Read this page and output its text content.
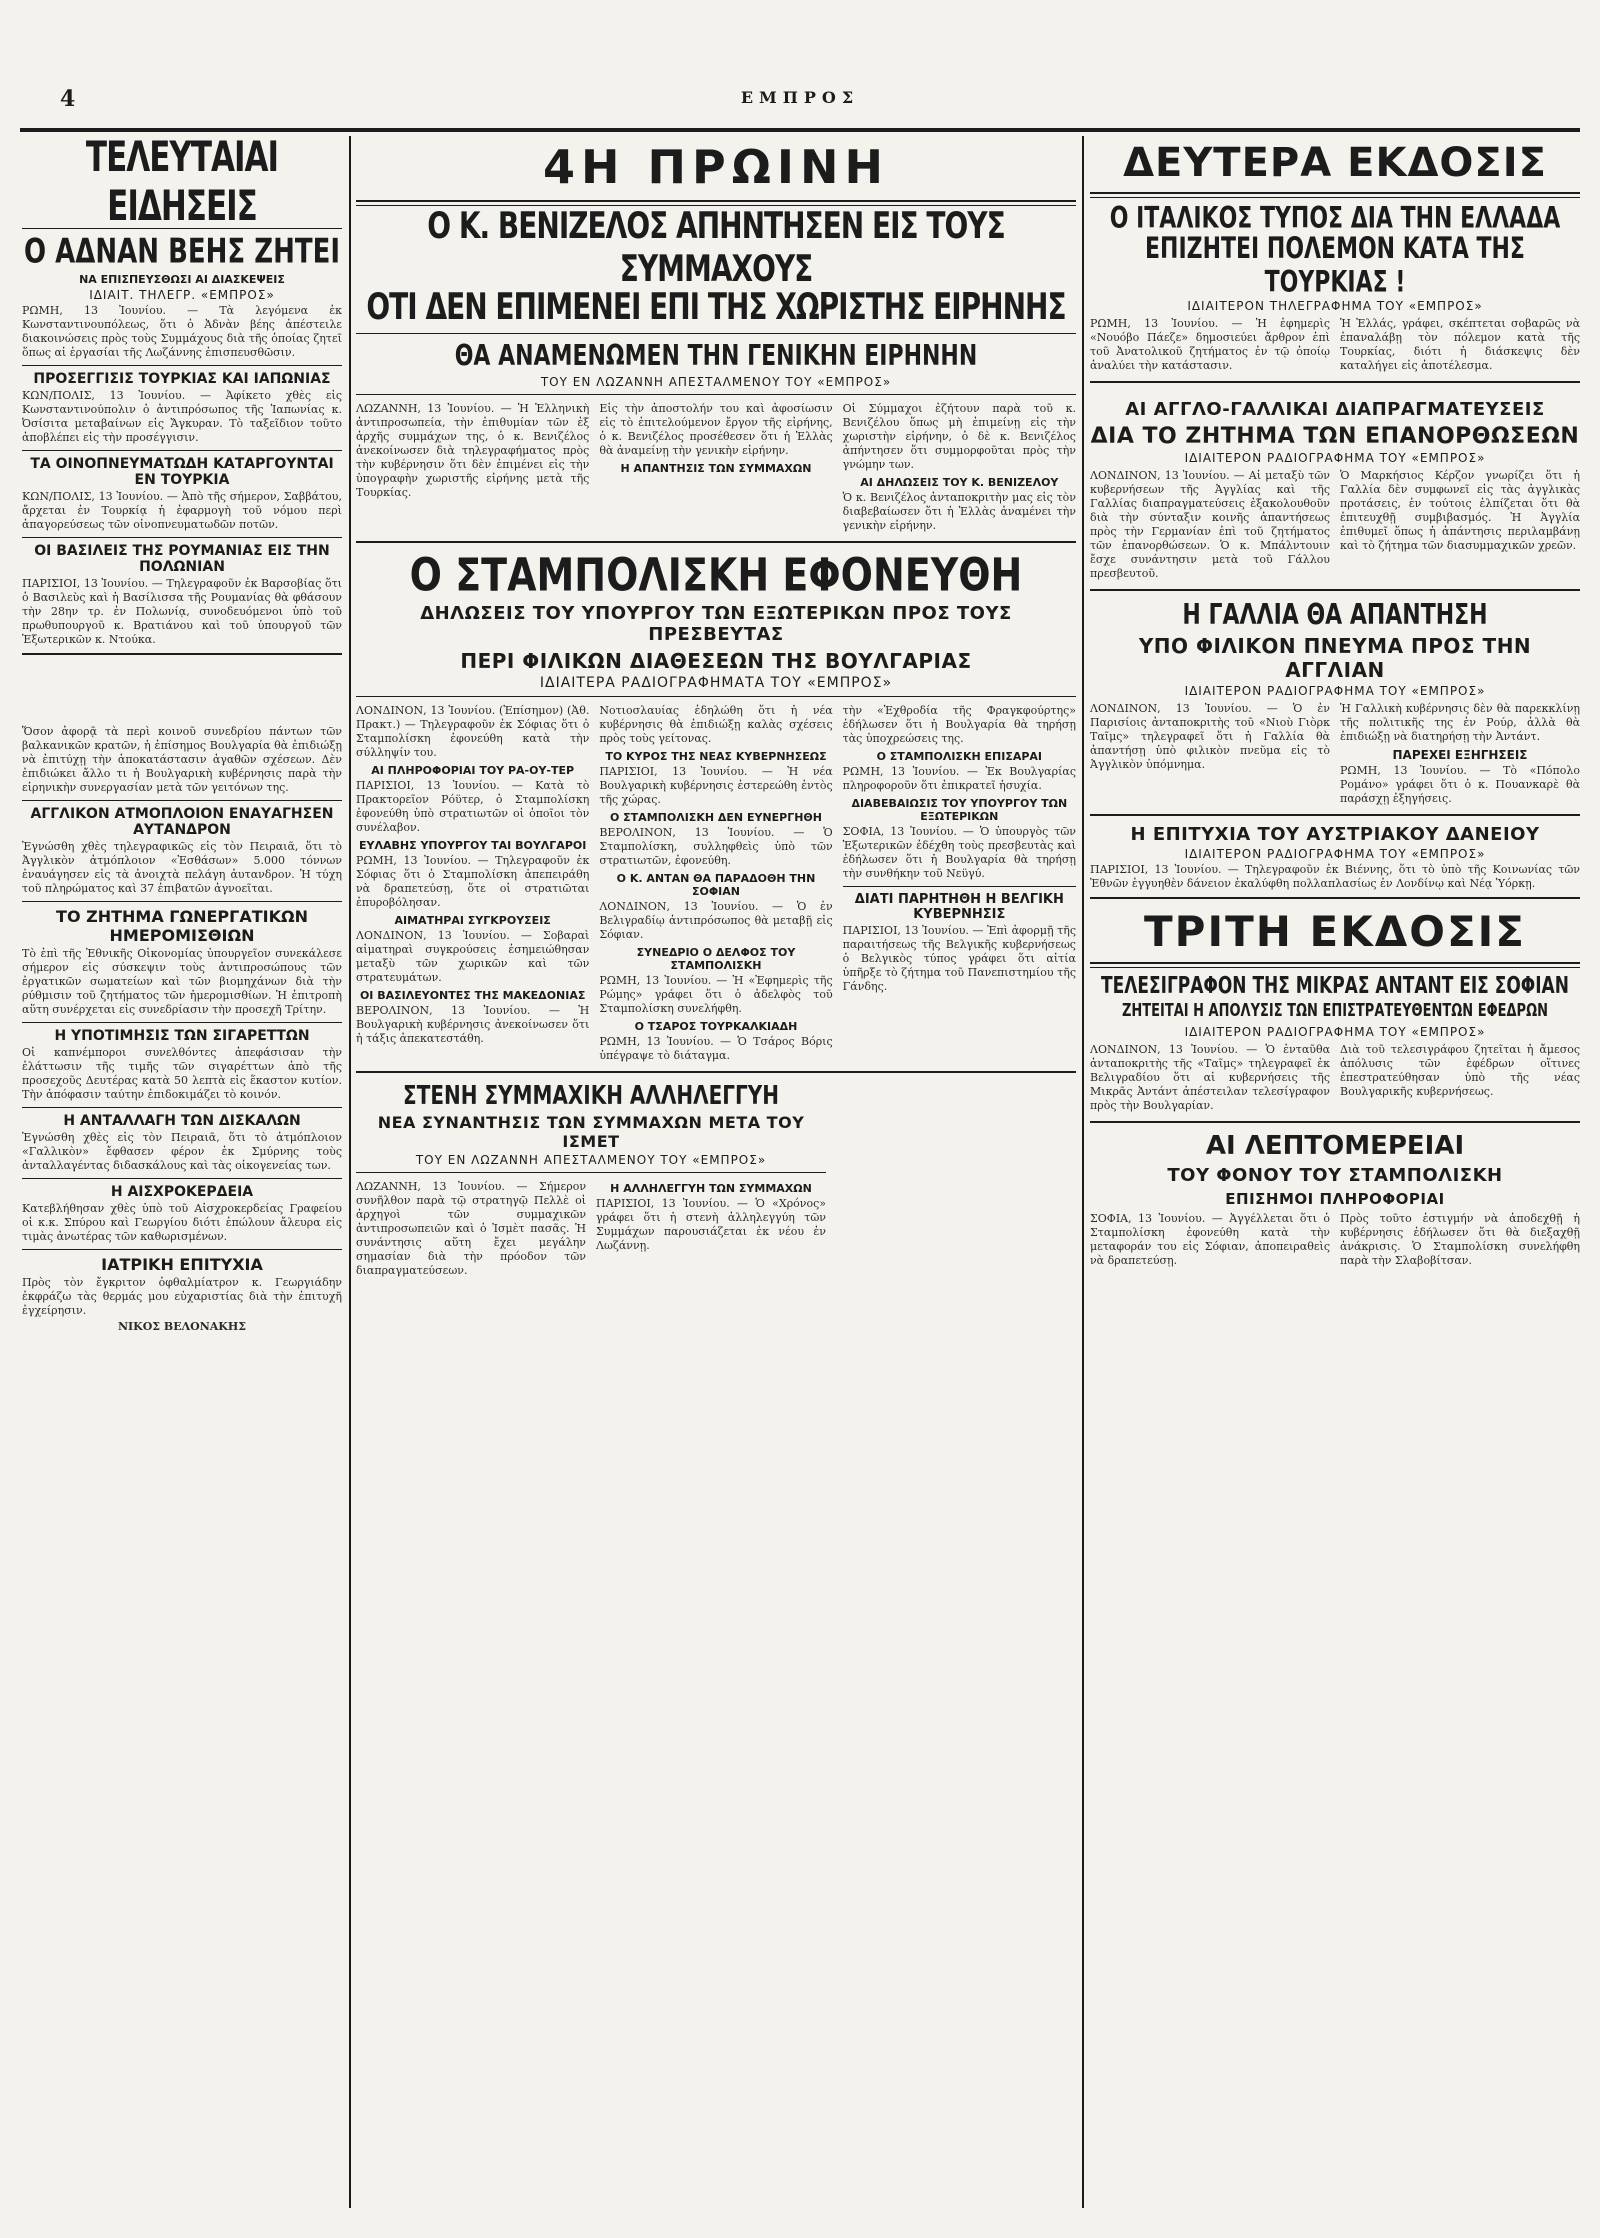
4	ΕΜΠΡΟΣ
ΤΕΛΕΥΤΑΙΑΙ ΕΙΔΗΣΕΙΣ
Ο ΑΔΝΑΝ ΒΕΗΣ ΖΗΤΕΙ
ΝΑ ΕΠΙΣΠΕΥΣΘΩΣΙ ΑΙ ΔΙΑΣΚΕΨΕΙΣ
ΙΔΙΑΙΤ. ΤΗΛΕΓΡ. «ΕΜΠΡΟΣ»

ΡΩΜΗ, 13 Ἰουνίου. — Τὰ λεγόμενα ἐκ Κωνσταντινουπόλεως, ὅτι ὁ Ἀδνὰν βέης ἀπέστειλε διακοινώσεις πρὸς τοὺς Συμμάχους διὰ τῆς ὁποίας ζητεῖ ὅπως αἱ ἐργασίαι τῆς Λωζάννης ἐπισπευσθῶσιν.

ΠΡΟΣΕΓΓΙΣΙΣ ΤΟΥΡΚΙΑΣ ΚΑΙ ΙΑΠΩΝΙΑΣ

ΚΩΝ/ΠΟΛΙΣ, 13 Ἰουνίου. — Ἀφίκετο χθὲς εἰς Κωνσταντινούπολιν ὁ ἀντιπρόσωπος τῆς Ἰαπωνίας κ. Ὀσίσιτα μεταβαίνων εἰς Ἄγκυραν. Τὸ ταξεῖδιον τοῦτο ἀποβλέπει εἰς τὴν προσέγγισιν.

ΤΑ ΟΙΝΟΠΝΕΥΜΑΤΩΔΗ ΚΑΤΑΡΓΟΥΝΤΑΙ ΕΝ ΤΟΥΡΚΙΑ

ΚΩΝ/ΠΟΛΙΣ, 13 Ἰουνίου. — Ἀπὸ τῆς σήμερον, Σαββάτου, ἄρχεται ἐν Τουρκίᾳ ἡ ἐφαρμογὴ τοῦ νόμου περὶ ἀπαγορεύσεως τῶν οἰνοπνευματωδῶν ποτῶν.

ΟΙ ΒΑΣΙΛΕΙΣ ΤΗΣ ΡΟΥΜΑΝΙΑΣ ΕΙΣ ΤΗΝ ΠΟΛΩΝΙΑΝ

ΠΑΡΙΣΙΟΙ, 13 Ἰουνίου. — Τηλεγραφοῦν ἐκ Βαρσοβίας ὅτι ὁ Βασιλεὺς καὶ ἡ Βασίλισσα τῆς Ρουμανίας θὰ φθάσουν τὴν 28ην τρ. ἐν Πολωνίᾳ, συνοδευόμενοι ὑπὸ τοῦ πρωθυπουργοῦ κ. Βρατιάνου καὶ τοῦ ὑπουργοῦ τῶν Ἐξωτερικῶν κ. Ντούκα.

Ὅσον ἀφορᾷ τὰ περὶ κοινοῦ συνεδρίου πάντων τῶν βαλκανικῶν κρατῶν, ἡ ἐπίσημος Βουλγαρία θὰ ἐπιδιώξῃ νὰ ἐπιτύχῃ τὴν ἀποκατάστασιν ἀγαθῶν σχέσεων. Δὲν ἐπιδιώκει ἄλλο τι ἡ Βουλγαρικὴ κυβέρνησις παρὰ τὴν εἰρηνικὴν συνεργασίαν μετὰ τῶν γειτόνων της.

ΑΓΓΛΙΚΟΝ ΑΤΜΟΠΛΟΙΟΝ ΕΝΑΥΑΓΗΣΕΝ ΑΥΤΑΝΔΡΟΝ

Ἐγνώσθη χθὲς τηλεγραφικῶς εἰς τὸν Πειραιᾶ, ὅτι τὸ Ἀγγλικὸν ἀτμόπλοιον «Ἐσθάσων» 5.000 τόννων ἐναυάγησεν εἰς τὰ ἀνοιχτὰ πελάγη ἀυτανδρον. Ἡ τύχη τοῦ πληρώματος καὶ 37 ἐπιβατῶν ἀγνοεῖται.

ΤΟ ΖΗΤΗΜΑ ΓΩΝΕΡΓΑΤΙΚΩΝ ΗΜΕΡΟΜΙΣΘΙΩΝ

Τὸ ἐπὶ τῆς Ἐθνικῆς Οἰκονομίας ὑπουργεῖον συνεκάλεσε σήμερον εἰς σύσκεψιν τοὺς ἀντιπροσώπους τῶν ἐργατικῶν σωματείων καὶ τῶν βιομηχάνων διὰ τὴν ρύθμισιν τοῦ ζητήματος τῶν ἡμερομισθίων. Ἡ ἐπιτροπὴ αὕτη συνέρχεται εἰς συνεδρίασιν τὴν προσεχῆ Τρίτην.

Η ΥΠΟΤΙΜΗΣΙΣ ΤΩΝ ΣΙΓΑΡΕΤΤΩΝ

Οἱ καπνέμποροι συνελθόντες ἀπεφάσισαν τὴν ἐλάττωσιν τῆς τιμῆς τῶν σιγαρέττων ἀπὸ τῆς προσεχοῦς Δευτέρας κατὰ 50 λεπτὰ εἰς ἕκαστον κυτίον. Τὴν ἀπόφασιν ταύτην ἐπιδοκιμάζει τὸ κοινόν.

Η ΑΝΤΑΛΛΑΓΗ ΤΩΝ ΔΙΣΚΑΛΩΝ

Ἐγνώσθη χθὲς εἰς τὸν Πειραιᾶ, ὅτι τὸ ἀτμόπλοιον «Γαλλικὸν» ἔφθασεν φέρον ἐκ Σμύρνης τοὺς ἀνταλλαγέντας διδασκάλους καὶ τὰς οἰκογενείας των.

Η ΑΙΣΧΡΟΚΕΡΔΕΙΑ

Κατεβλήθησαν χθὲς ὑπὸ τοῦ Αἰσχροκερδείας Γραφείου οἱ κ.κ. Σπύρου καὶ Γεωργίου διότι ἐπώλουν ἄλευρα εἰς τιμὰς ἀνωτέρας τῶν καθωρισμένων.

ΙΑΤΡΙΚΗ ΕΠΙΤΥΧΙΑ

Πρὸς τὸν ἔγκριτον ὀφθαλμίατρον κ. Γεωργιάδην ἐκφράζω τὰς θερμάς μου εὐχαριστίας διὰ τὴν ἐπιτυχῆ ἐγχείρησιν.

ΝΙΚΟΣ ΒΕΛΟΝΑΚΗΣ
4Η ΠΡΩΙΝΗ
Ο Κ. ΒΕΝΙΖΕΛΟΣ ΑΠΗΝΤΗΣΕΝ ΕΙΣ ΤΟΥΣ ΣΥΜΜΑΧΟΥΣ
ΟΤΙ ΔΕΝ ΕΠΙΜΕΝΕΙ ΕΠΙ ΤΗΣ ΧΩΡΙΣΤΗΣ ΕΙΡΗΝΗΣ
ΘΑ ΑΝΑΜΕΝΩΜΕΝ ΤΗΝ ΓΕΝΙΚΗΝ ΕΙΡΗΝΗΝ
ΤΟΥ ΕΝ ΛΩΖΑΝΝΗ ΑΠΕΣΤΑΛΜΕΝΟΥ ΤΟΥ «ΕΜΠΡΟΣ»

ΛΩΖΑΝΝΗ, 13 Ἰουνίου. — Ἡ Ἑλληνικὴ ἀντιπροσωπεία, τὴν ἐπιθυμίαν τῶν ἐξ ἀρχῆς συμμάχων της, ὁ κ. Βενιζέλος ἀνεκοίνωσεν διὰ τηλεγραφήματος πρὸς τὴν κυβέρνησιν ὅτι δὲν ἐπιμένει εἰς τὴν ὑπογραφὴν χωριστῆς εἰρήνης μετὰ τῆς Τουρκίας.

Εἰς τὴν ἀποστολήν του καὶ ἀφοσίωσιν εἰς τὸ ἐπιτελούμενον ἔργον τῆς εἰρήνης, ὁ κ. Βενιζέλος προσέθεσεν ὅτι ἡ Ἑλλὰς θὰ ἀναμείνῃ τὴν γενικὴν εἰρήνην.

Η ΑΠΑΝΤΗΣΙΣ ΤΩΝ ΣΥΜΜΑΧΩΝ

Οἱ Σύμμαχοι ἐζήτουν παρὰ τοῦ κ. Βενιζέλου ὅπως μὴ ἐπιμείνῃ εἰς τὴν χωριστὴν εἰρήνην, ὁ δὲ κ. Βενιζέλος ἀπήντησεν ὅτι συμμορφοῦται πρὸς τὴν γνώμην των.

ΑΙ ΔΗΛΩΣΕΙΣ ΤΟΥ Κ. ΒΕΝΙΖΕΛΟΥ

Ὁ κ. Βενιζέλος ἀνταποκριτὴν μας εἰς τὸν διαβεβαίωσεν ὅτι ἡ Ἑλλὰς ἀναμένει τὴν γενικὴν εἰρήνην.

Ο ΣΤΑΜΠΟΛΙΣΚΗ ΕΦΟΝΕΥΘΗ
ΔΗΛΩΣΕΙΣ ΤΟΥ ΥΠΟΥΡΓΟΥ ΤΩΝ ΕΞΩΤΕΡΙΚΩΝ ΠΡΟΣ ΤΟΥΣ ΠΡΕΣΒΕΥΤΑΣ
ΠΕΡΙ ΦΙΛΙΚΩΝ ΔΙΑΘΕΣΕΩΝ ΤΗΣ ΒΟΥΛΓΑΡΙΑΣ
ΙΔΙΑΙΤΕΡΑ ΡΑΔΙΟΓΡΑΦΗΜΑΤΑ ΤΟΥ «ΕΜΠΡΟΣ»

ΛΟΝΔΙΝΟΝ, 13 Ἰουνίου. (Ἐπίσημον) (Ἀθ. Πρακτ.) — Τηλεγραφοῦν ἐκ Σόφιας ὅτι ὁ Σταμπολίσκη ἐφονεύθη κατὰ τὴν σύλληψίν του.

ΑΙ ΠΛΗΡΟΦΟΡΙΑΙ ΤΟΥ ΡΑ-ΟΥ-ΤΕΡ

ΠΑΡΙΣΙΟΙ, 13 Ἰουνίου. — Κατὰ τὸ Πρακτορεῖον Ρόϋτερ, ὁ Σταμπολίσκη ἐφονεύθη ὑπὸ στρατιωτῶν οἱ ὁποῖοι τὸν συνέλαβον.

ΕΥΛΑΒΗΣ ΥΠΟΥΡΓΟΥ ΤΑΙ ΒΟΥΛΓΑΡΟΙ

ΡΩΜΗ, 13 Ἰουνίου. — Τηλεγραφοῦν ἐκ Σόφιας ὅτι ὁ Σταμπολίσκη ἀπεπειράθη νὰ δραπετεύσῃ, ὅτε οἱ στρατιῶται ἐπυροβόλησαν.

ΑΙΜΑΤΗΡΑΙ ΣΥΓΚΡΟΥΣΕΙΣ

ΛΟΝΔΙΝΟΝ, 13 Ἰουνίου. — Σοβαραὶ αἱματηραὶ συγκρούσεις ἐσημειώθησαν μεταξὺ τῶν χωρικῶν καὶ τῶν στρατευμάτων.

ΟΙ ΒΑΣΙΛΕΥΟΝΤΕΣ ΤΗΣ ΜΑΚΕΔΟΝΙΑΣ

ΒΕΡΟΛΙΝΟΝ, 13 Ἰουνίου. — Ἡ Βουλγαρικὴ κυβέρνησις ἀνεκοίνωσεν ὅτι ἡ τάξις ἀπεκατεστάθη.

Νοτιοσλαυίας ἐδηλώθη ὅτι ἡ νέα κυβέρνησις θὰ ἐπιδιώξῃ καλὰς σχέσεις πρὸς τοὺς γείτονας.

ΤΟ ΚΥΡΟΣ ΤΗΣ ΝΕΑΣ ΚΥΒΕΡΝΗΣΕΩΣ

ΠΑΡΙΣΙΟΙ, 13 Ἰουνίου. — Ἡ νέα Βουλγαρικὴ κυβέρνησις ἐστερεώθη ἐντὸς τῆς χώρας.

Ο ΣΤΑΜΠΟΛΙΣΚΗ ΔΕΝ ΕΥΝΕΡΓΗΘΗ

ΒΕΡΟΛΙΝΟΝ, 13 Ἰουνίου. — Ὁ Σταμπολίσκη, συλληφθεὶς ὑπὸ τῶν στρατιωτῶν, ἐφονεύθη.

Ο Κ. ΑΝΤΑΝ ΘΑ ΠΑΡΑΔΟΘΗ ΤΗΝ ΣΟΦΙΑΝ

ΛΟΝΔΙΝΟΝ, 13 Ἰουνίου. — Ὁ ἐν Βελιγραδίῳ ἀντιπρόσωπος θὰ μεταβῇ εἰς Σόφιαν.

ΣΥΝΕΔΡΙΟ Ο ΔΕΛΦΟΣ ΤΟΥ ΣΤΑΜΠΟΛΙΣΚΗ

ΡΩΜΗ, 13 Ἰουνίου. — Ἡ «Ἐφημερὶς τῆς Ρώμης» γράφει ὅτι ὁ ἀδελφὸς τοῦ Σταμπολίσκη συνελήφθη.

Ο ΤΣΑΡΟΣ ΤΟΥΡΚΑΛΚΙΑΔΗ

ΡΩΜΗ, 13 Ἰουνίου. — Ὁ Τσάρος Βόρις ὑπέγραψε τὸ διάταγμα.

τὴν «Ἐχθροδία τῆς Φραγκφούρτης» ἐδήλωσεν ὅτι ἡ Βουλγαρία θὰ τηρήσῃ τὰς ὑποχρεώσεις της.

Ο ΣΤΑΜΠΟΛΙΣΚΗ ΕΠΙΣΑΡΑΙ

ΡΩΜΗ, 13 Ἰουνίου. — Ἐκ Βουλγαρίας πληροφοροῦν ὅτι ἐπικρατεῖ ἡσυχία.

ΔΙΑΒΕΒΑΙΩΣΙΣ ΤΟΥ ΥΠΟΥΡΓΟΥ ΤΩΝ ΕΞΩΤΕΡΙΚΩΝ

ΣΟΦΙΑ, 13 Ἰουνίου. — Ὁ ὑπουργὸς τῶν Ἐξωτερικῶν ἐδέχθη τοὺς πρεσβευτὰς καὶ ἐδήλωσεν ὅτι ἡ Βουλγαρία θὰ τηρήσῃ τὴν συνθήκην τοῦ Νεϋγύ.

ΔΙΑΤΙ ΠΑΡΗΤΗΘΗ Η ΒΕΛΓΙΚΗ ΚΥΒΕΡΝΗΣΙΣ

ΠΑΡΙΣΙΟΙ, 13 Ἰουνίου. — Ἐπὶ ἀφορμῇ τῆς παραιτήσεως τῆς Βελγικῆς κυβερνήσεως ὁ Βελγικὸς τύπος γράφει ὅτι αἰτία ὑπῆρξε τὸ ζήτημα τοῦ Πανεπιστημίου τῆς Γάνδης.

ΣΤΕΝΗ ΣΥΜΜΑΧΙΚΗ ΑΛΛΗΛΕΓΓΥΗ
ΝΕΑ ΣΥΝΑΝΤΗΣΙΣ ΤΩΝ ΣΥΜΜΑΧΩΝ ΜΕΤΑ ΤΟΥ ΙΣΜΕΤ
ΤΟΥ ΕΝ ΛΩΖΑΝΝΗ ΑΠΕΣΤΑΛΜΕΝΟΥ ΤΟΥ «ΕΜΠΡΟΣ»

ΛΩΖΑΝΝΗ, 13 Ἰουνίου. — Σήμερον συνῆλθον παρὰ τῷ στρατηγῷ Πελλὲ οἱ ἀρχηγοὶ τῶν συμμαχικῶν ἀντιπροσωπειῶν καὶ ὁ Ἰσμὲτ πασᾶς. Ἡ συνάντησις αὕτη ἔχει μεγάλην σημασίαν διὰ τὴν πρόοδον τῶν διαπραγματεύσεων.

Η ΑΛΛΗΛΕΓΓΥΗ ΤΩΝ ΣΥΜΜΑΧΩΝ

ΠΑΡΙΣΙΟΙ, 13 Ἰουνίου. — Ὁ «Χρόνος» γράφει ὅτι ἡ στενὴ ἀλληλεγγύη τῶν Συμμάχων παρουσιάζεται ἐκ νέου ἐν Λωζάννῃ.

ΔΕΥΤΕΡΑ ΕΚΔΟΣΙΣ
Ο ΙΤΑΛΙΚΟΣ ΤΥΠΟΣ ΔΙΑ ΤΗΝ ΕΛΛΑΔΑ
ΕΠΙΖΗΤΕΙ ΠΟΛΕΜΟΝ ΚΑΤΑ ΤΗΣ ΤΟΥΡΚΙΑΣ !
ΙΔΙΑΙΤΕΡΟΝ ΤΗΛΕΓΡΑΦΗΜΑ ΤΟΥ «ΕΜΠΡΟΣ»

ΡΩΜΗ, 13 Ἰουνίου. — Ἡ ἐφημερὶς «Νουόβο Πάεζε» δημοσιεύει ἄρθρον ἐπὶ τοῦ Ἀνατολικοῦ ζητήματος ἐν τῷ ὁποίῳ ἀναλύει τὴν κατάστασιν.

Ἡ Ἑλλάς, γράφει, σκέπτεται σοβαρῶς νὰ ἐπαναλάβῃ τὸν πόλεμον κατὰ τῆς Τουρκίας, διότι ἡ διάσκεψις δὲν καταλήγει εἰς ἀποτέλεσμα.

ΑΙ ΑΓΓΛΟ-ΓΑΛΛΙΚΑΙ ΔΙΑΠΡΑΓΜΑΤΕΥΣΕΙΣ
ΔΙΑ ΤΟ ΖΗΤΗΜΑ ΤΩΝ ΕΠΑΝΟΡΘΩΣΕΩΝ
ΙΔΙΑΙΤΕΡΟΝ ΡΑΔΙΟΓΡΑΦΗΜΑ ΤΟΥ «ΕΜΠΡΟΣ»

ΛΟΝΔΙΝΟΝ, 13 Ἰουνίου. — Αἱ μεταξὺ τῶν κυβερνήσεων τῆς Ἀγγλίας καὶ τῆς Γαλλίας διαπραγματεύσεις ἐξακολουθοῦν διὰ τὴν σύνταξιν κοινῆς ἀπαντήσεως πρὸς τὴν Γερμανίαν ἐπὶ τοῦ ζητήματος τῶν ἐπανορθώσεων. Ὁ κ. Μπάλντουιν ἔσχε συνάντησιν μετὰ τοῦ Γάλλου πρεσβευτοῦ.

Ὁ Μαρκήσιος Κέρζον γνωρίζει ὅτι ἡ Γαλλία δὲν συμφωνεῖ εἰς τὰς ἀγγλικὰς προτάσεις, ἐν τούτοις ἐλπίζεται ὅτι θὰ ἐπιτευχθῇ συμβιβασμός. Ἡ Ἀγγλία ἐπιθυμεῖ ὅπως ἡ ἀπάντησις περιλαμβάνῃ καὶ τὸ ζήτημα τῶν διασυμμαχικῶν χρεῶν.

Η ΓΑΛΛΙΑ ΘΑ ΑΠΑΝΤΗΣΗ
ΥΠΟ ΦΙΛΙΚΟΝ ΠΝΕΥΜΑ ΠΡΟΣ ΤΗΝ ΑΓΓΛΙΑΝ
ΙΔΙΑΙΤΕΡΟΝ ΡΑΔΙΟΓΡΑΦΗΜΑ ΤΟΥ «ΕΜΠΡΟΣ»

ΛΟΝΔΙΝΟΝ, 13 Ἰουνίου. — Ὁ ἐν Παρισίοις ἀνταποκριτὴς τοῦ «Νιοὺ Γιὸρκ Ταῖμς» τηλεγραφεῖ ὅτι ἡ Γαλλία θὰ ἀπαντήσῃ ὑπὸ φιλικὸν πνεῦμα εἰς τὸ Ἀγγλικὸν ὑπόμνημα.

Ἡ Γαλλικὴ κυβέρνησις δὲν θὰ παρεκκλίνῃ τῆς πολιτικῆς της ἐν Ρούρ, ἀλλὰ θὰ ἐπιδιώξῃ νὰ διατηρήσῃ τὴν Ἀντάντ.

ΠΑΡΕΧΕΙ ΕΞΗΓΗΣΕΙΣ

ΡΩΜΗ, 13 Ἰουνίου. — Τὸ «Πόπολο Ρομάνο» γράφει ὅτι ὁ κ. Πουανκαρὲ θὰ παράσχῃ ἐξηγήσεις.

Η ΕΠΙΤΥΧΙΑ ΤΟΥ ΑΥΣΤΡΙΑΚΟΥ ΔΑΝΕΙΟΥ
ΙΔΙΑΙΤΕΡΟΝ ΡΑΔΙΟΓΡΑΦΗΜΑ ΤΟΥ «ΕΜΠΡΟΣ»

ΠΑΡΙΣΙΟΙ, 13 Ἰουνίου. — Τηλεγραφοῦν ἐκ Βιέννης, ὅτι τὸ ὑπὸ τῆς Κοινωνίας τῶν Ἐθνῶν ἐγγυηθὲν δάνειον ἐκαλύφθη πολλαπλασίως ἐν Λονδίνῳ καὶ Νέᾳ Ὑόρκῃ.

ΤΡΙΤΗ ΕΚΔΟΣΙΣ
ΤΕΛΕΣΙΓΡΑΦΟΝ ΤΗΣ ΜΙΚΡΑΣ ΑΝΤΑΝΤ ΕΙΣ ΣΟΦΙΑΝ
ΖΗΤΕΙΤΑΙ Η ΑΠΟΛΥΣΙΣ ΤΩΝ ΕΠΙΣΤΡΑΤΕΥΘΕΝΤΩΝ ΕΦΕΔΡΩΝ
ΙΔΙΑΙΤΕΡΟΝ ΡΑΔΙΟΓΡΑΦΗΜΑ ΤΟΥ «ΕΜΠΡΟΣ»

ΛΟΝΔΙΝΟΝ, 13 Ἰουνίου. — Ὁ ἐνταῦθα ἀνταποκριτὴς τῆς «Ταῖμς» τηλεγραφεῖ ἐκ Βελιγραδίου ὅτι αἱ κυβερνήσεις τῆς Μικρᾶς Ἀντάντ ἀπέστειλαν τελεσίγραφον πρὸς τὴν Βουλγαρίαν.

Διὰ τοῦ τελεσιγράφου ζητεῖται ἡ ἄμεσος ἀπόλυσις τῶν ἐφέδρων οἵτινες ἐπεστρατεύθησαν ὑπὸ τῆς νέας Βουλγαρικῆς κυβερνήσεως.

ΑΙ ΛΕΠΤΟΜΕΡΕΙΑΙ
ΤΟΥ ΦΟΝΟΥ ΤΟΥ ΣΤΑΜΠΟΛΙΣΚΗ
ΕΠΙΣΗΜΟΙ ΠΛΗΡΟΦΟΡΙΑΙ

ΣΟΦΙΑ, 13 Ἰουνίου. — Ἀγγέλλεται ὅτι ὁ Σταμπολίσκη ἐφονεύθη κατὰ τὴν μεταφοράν του εἰς Σόφιαν, ἀποπειραθεὶς νὰ δραπετεύσῃ.

Πρὸς τοῦτο ἐστιγμήν νὰ ἀποδεχθῇ ἡ κυβέρνησις ἐδήλωσεν ὅτι θὰ διεξαχθῇ ἀνάκρισις. Ὁ Σταμπολίσκη συνελήφθη παρὰ τὴν Σλαβοβίτσαν.
